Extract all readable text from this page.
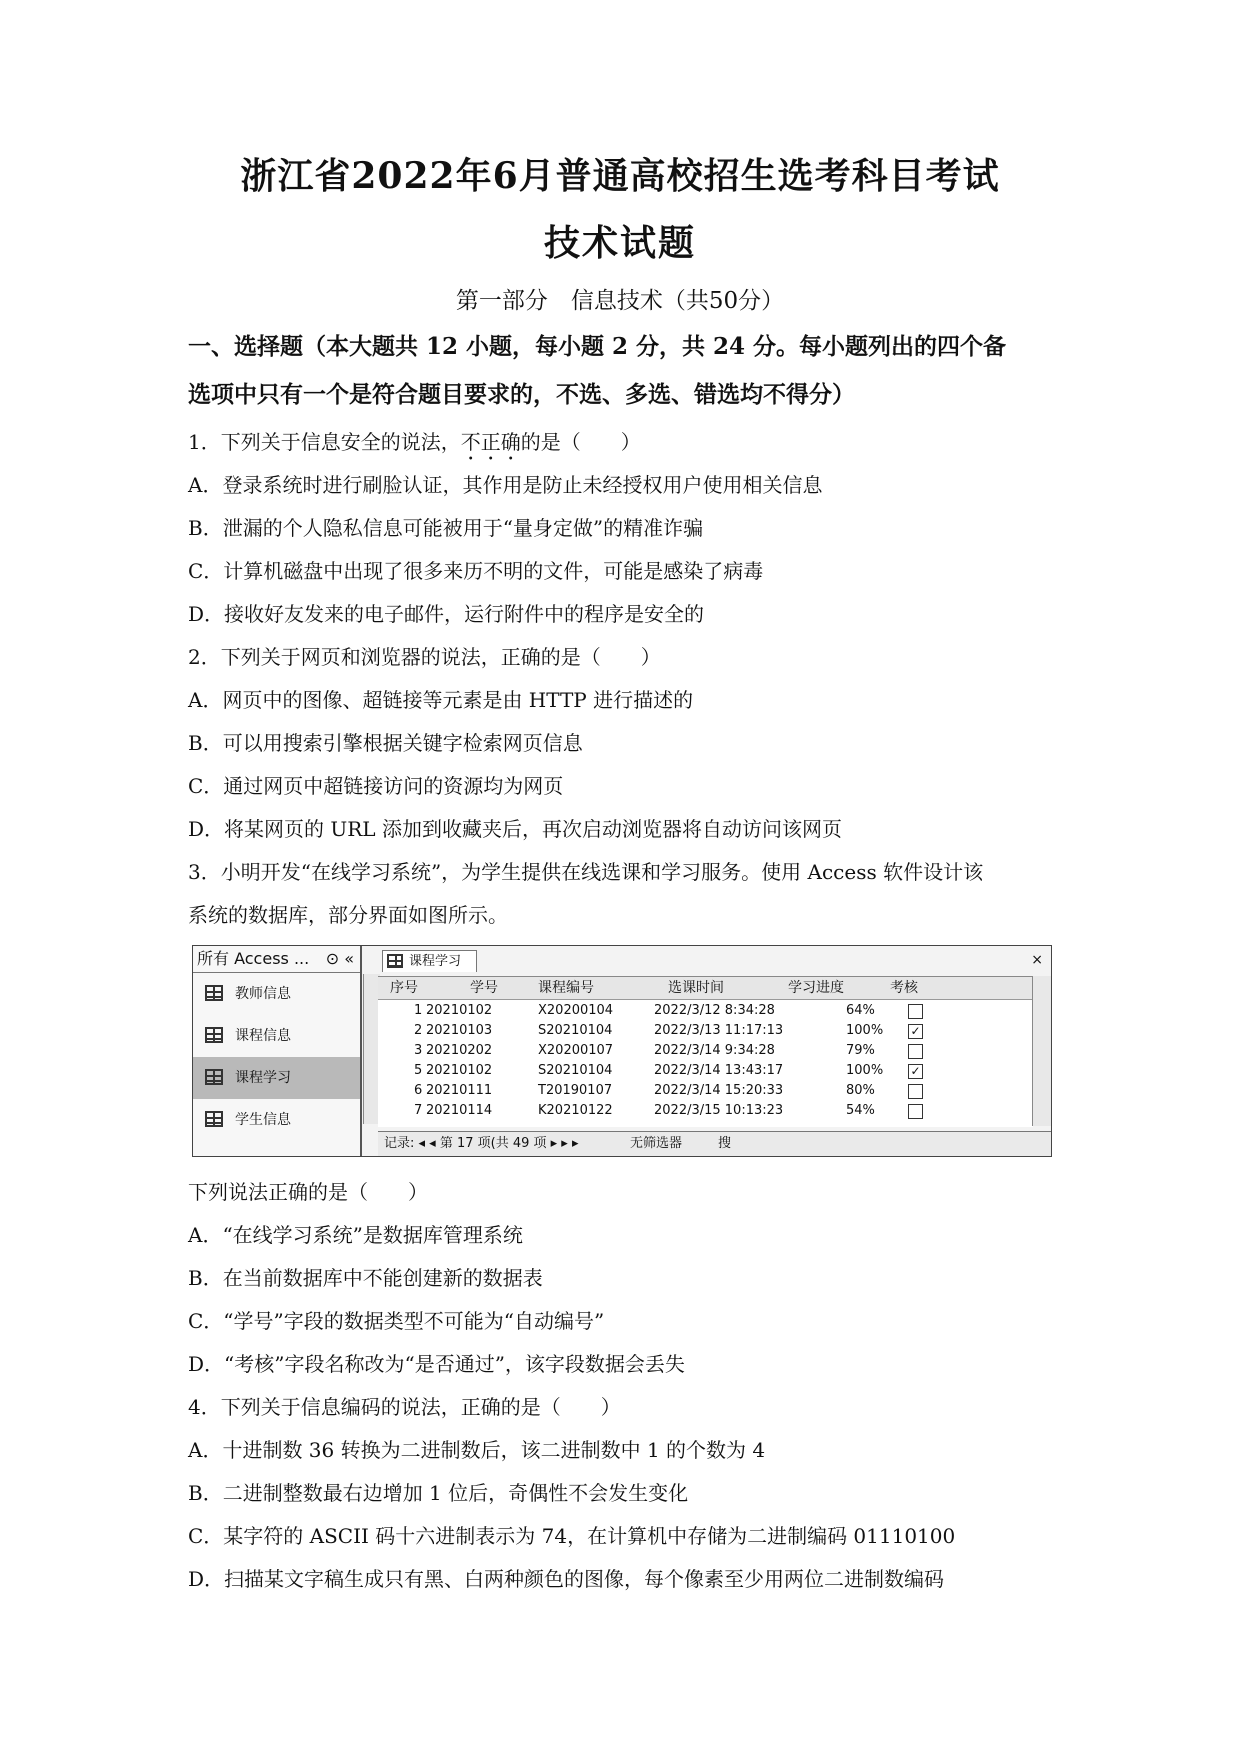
浙江省2022年6月普通高校招生选考科目考试
技术试题
第一部分　信息技术（共50分）
一、选择题（本大题共 12 小题，每小题 2 分，共 24 分。每小题列出的四个备
选项中只有一个是符合题目要求的，不选、多选、错选均不得分）
1．下列关于信息安全的说法，不正确的是（　　）
A．登录系统时进行刷脸认证，其作用是防止未经授权用户使用相关信息
B．泄漏的个人隐私信息可能被用于“量身定做”的精准诈骗
C．计算机磁盘中出现了很多来历不明的文件，可能是感染了病毒
D．接收好友发来的电子邮件，运行附件中的程序是安全的
2．下列关于网页和浏览器的说法，正确的是（　　）
A．网页中的图像、超链接等元素是由 HTTP 进行描述的
B．可以用搜索引擎根据关键字检索网页信息
C．通过网页中超链接访问的资源均为网页
D．将某网页的 URL 添加到收藏夹后，再次启动浏览器将自动访问该网页
3．小明开发“在线学习系统”，为学生提供在线选课和学习服务。使用 Access 软件设计该
系统的数据库，部分界面如图所示。
所有 Access ... ⊙ «
教师信息
课程信息
课程学习
学生信息
课程学习	×
序号	学号	课程编号	选课时间	学习进度	考核
1 20210102	X20200104	2022/3/12 8:34:28	64%
2 20210103	S20210104	2022/3/13 11:17:13	100% ✓
3 20210202	X20200107	2022/3/14 9:34:28	79%
5 20210102	S20210104	2022/3/14 13:43:17	100% ✓
6 20210111	T20190107	2022/3/14 15:20:33	80%
7 20210114	K20210122	2022/3/15 10:13:23	54%
记录: ◂ ◂ 第 17 项(共 49 项 ▸ ▸ ▸	无筛选器	搜
下列说法正确的是（　　）
A．“在线学习系统”是数据库管理系统
B．在当前数据库中不能创建新的数据表
C．“学号”字段的数据类型不可能为“自动编号”
D．“考核”字段名称改为“是否通过”，该字段数据会丢失
4．下列关于信息编码的说法，正确的是（　　）
A．十进制数 36 转换为二进制数后，该二进制数中 1 的个数为 4
B．二进制整数最右边增加 1 位后，奇偶性不会发生变化
C．某字符的 ASCII 码十六进制表示为 74，在计算机中存储为二进制编码 01110100
D．扫描某文字稿生成只有黑、白两种颜色的图像，每个像素至少用两位二进制数编码
